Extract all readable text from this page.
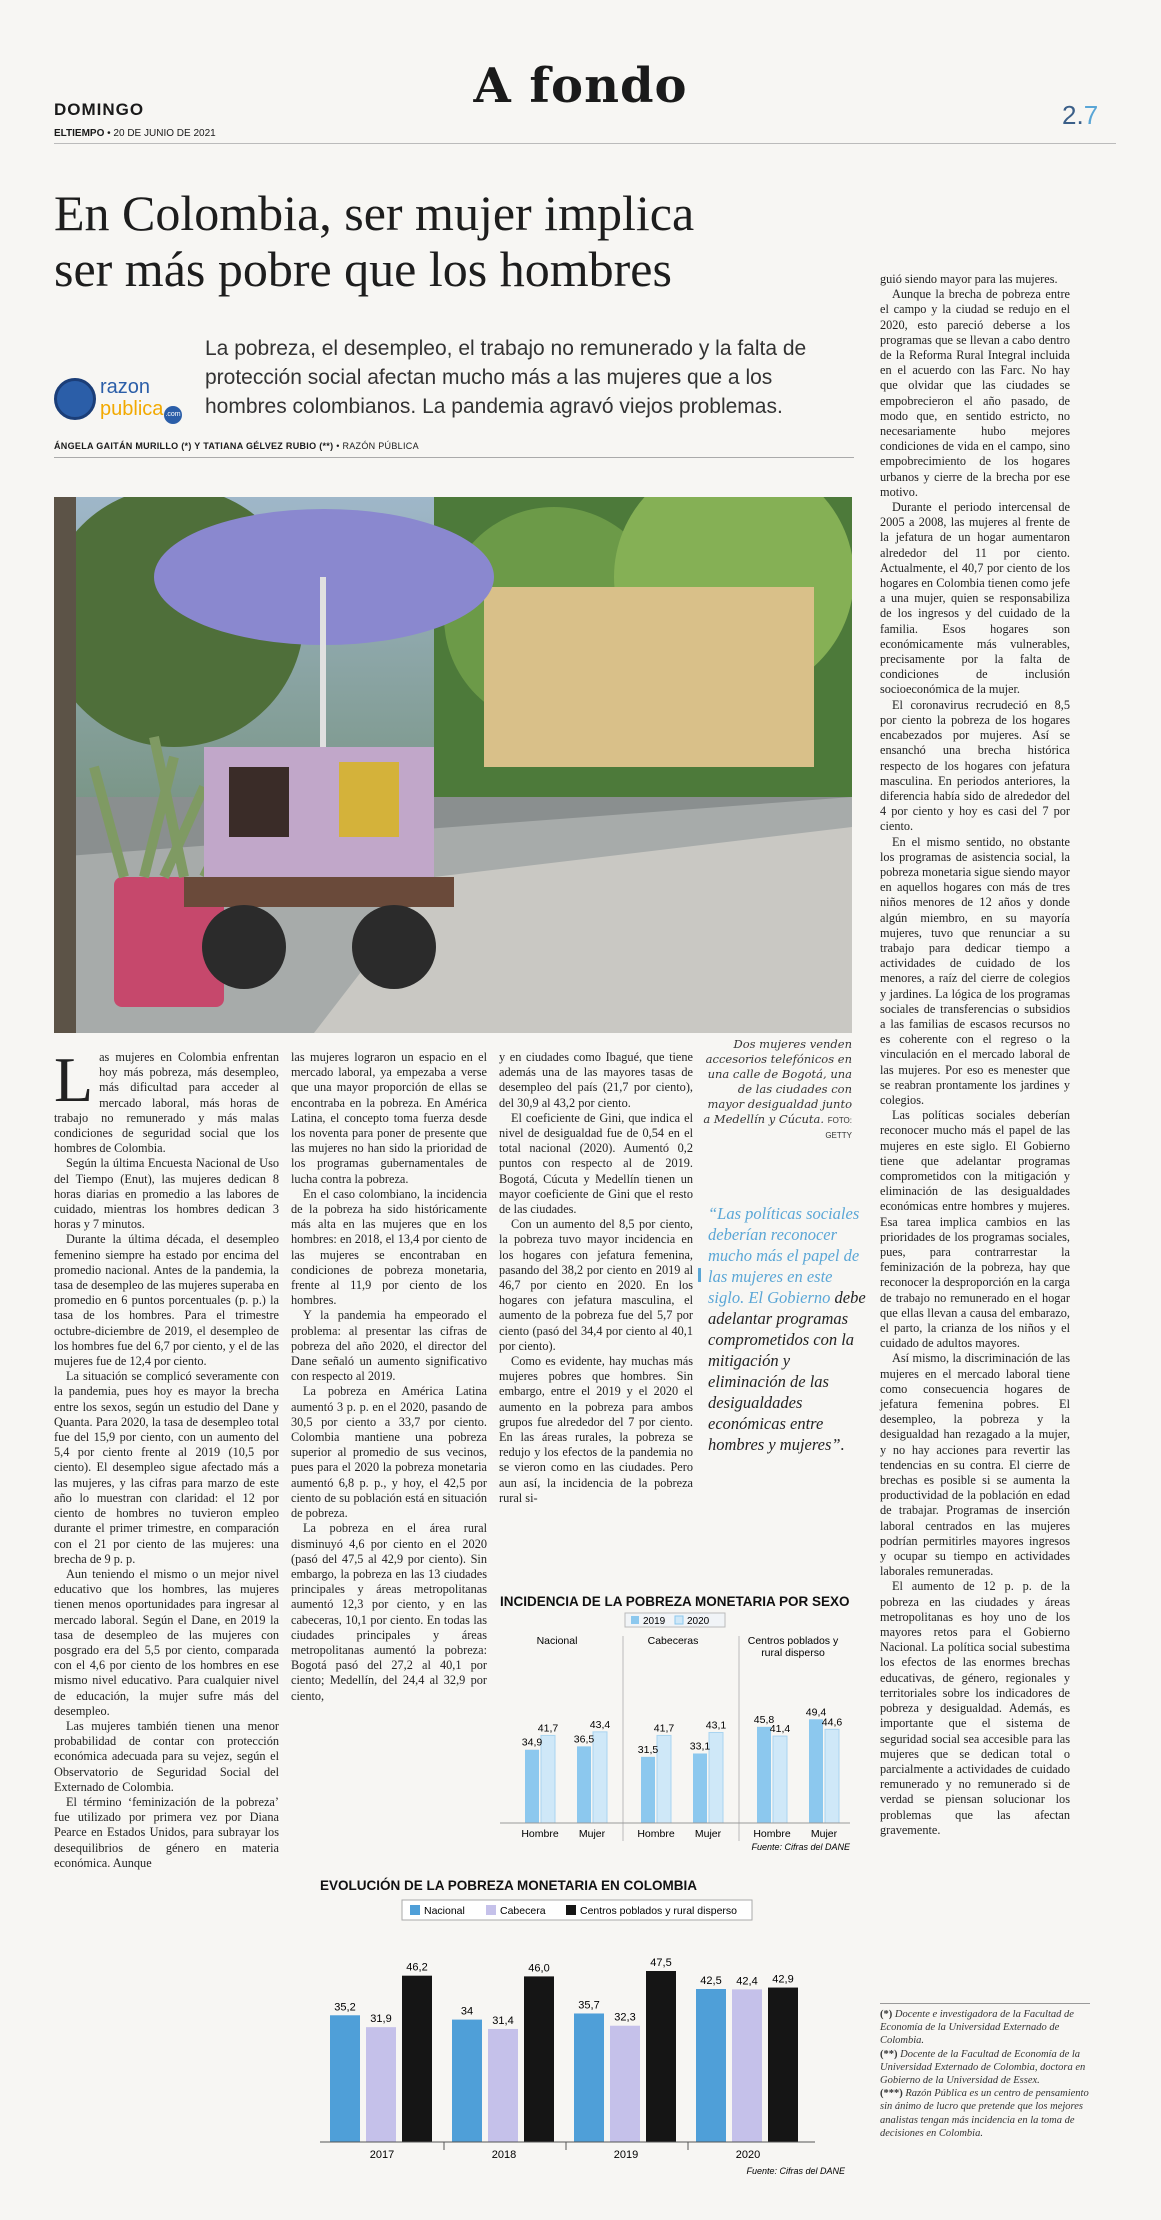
DOMINGO
ELTIEMPO • 20 DE JUNIO DE 2021
A fondo
2.7
En Colombia, ser mujer implica
ser más pobre que los hombres
razon
publica .com
La pobreza, el desempleo, el trabajo no remunerado y la falta de protección social afectan mucho más a las mujeres que a los hombres colombianos. La pandemia agravó viejos problemas.
ÁNGELA GAITÁN MURILLO (*) Y TATIANA GÉLVEZ RUBIO (**) • RAZÓN PÚBLICA
Dos mujeres venden accesorios telefónicos en una calle de Bogotá, una de las ciudades con mayor desigualdad junto a Medellín y Cúcuta. FOTO: GETTY

Las mujeres en Colombia enfrentan hoy más pobreza, más desempleo, más dificultad para acceder al mercado laboral, más horas de trabajo no remunerado y más malas condiciones de seguridad social que los hombres de Colombia.

Según la última Encuesta Nacional de Uso del Tiempo (Enut), las mujeres dedican 8 horas diarias en promedio a las labores de cuidado, mientras los hombres dedican 3 horas y 7 minutos.

Durante la última década, el desempleo femenino siempre ha estado por encima del promedio nacional. Antes de la pandemia, la tasa de desempleo de las mujeres superaba en promedio en 6 puntos porcentuales (p. p.) la tasa de los hombres. Para el trimestre octubre-diciembre de 2019, el desempleo de los hombres fue del 6,7 por ciento, y el de las mujeres fue de 12,4 por ciento.

La situación se complicó severamente con la pandemia, pues hoy es mayor la brecha entre los sexos, según un estudio del Dane y Quanta. Para 2020, la tasa de desempleo total fue del 15,9 por ciento, con un aumento del 5,4 por ciento frente al 2019 (10,5 por ciento). El desempleo sigue afectado más a las mujeres, y las cifras para marzo de este año lo muestran con claridad: el 12 por ciento de hombres no tuvieron empleo durante el primer trimestre, en comparación con el 21 por ciento de las mujeres: una brecha de 9 p. p.

Aun teniendo el mismo o un mejor nivel educativo que los hombres, las mujeres tienen menos oportunidades para ingresar al mercado laboral. Según el Dane, en 2019 la tasa de desempleo de las mujeres con posgrado era del 5,5 por ciento, comparada con el 4,6 por ciento de los hombres en ese mismo nivel educativo. Para cualquier nivel de educación, la mujer sufre más del desempleo.

Las mujeres también tienen una menor probabilidad de contar con protección económica adecuada para su vejez, según el Observatorio de Seguridad Social del Externado de Colombia.

El término ‘feminización de la pobreza’ fue utilizado por primera vez por Diana Pearce en Estados Unidos, para subrayar los desequilibrios de género en materia económica. Aunque

las mujeres lograron un espacio en el mercado laboral, ya empezaba a verse que una mayor proporción de ellas se encontraba en la pobreza. En América Latina, el concepto toma fuerza desde los noventa para poner de presente que las mujeres no han sido la prioridad de los programas gubernamentales de lucha contra la pobreza.

En el caso colombiano, la incidencia de la pobreza ha sido históricamente más alta en las mujeres que en los hombres: en 2018, el 13,4 por ciento de las mujeres se encontraban en condiciones de pobreza monetaria, frente al 11,9 por ciento de los hombres.

Y la pandemia ha empeorado el problema: al presentar las cifras de pobreza del año 2020, el director del Dane señaló un aumento significativo con respecto al 2019.

La pobreza en América Latina aumentó 3 p. p. en el 2020, pasando de 30,5 por ciento a 33,7 por ciento. Colombia mantiene una pobreza superior al promedio de sus vecinos, pues para el 2020 la pobreza monetaria aumentó 6,8 p. p., y hoy, el 42,5 por ciento de su población está en situación de pobreza.

La pobreza en el área rural disminuyó 4,6 por ciento en el 2020 (pasó del 47,5 al 42,9 por ciento). Sin embargo, la pobreza en las 13 ciudades principales y áreas metropolitanas aumentó 12,3 por ciento, y en las cabeceras, 10,1 por ciento. En todas las ciudades principales y áreas metropolitanas aumentó la pobreza: Bogotá pasó del 27,2 al 40,1 por ciento; Medellín, del 24,4 al 32,9 por ciento,

y en ciudades como Ibagué, que tiene además una de las mayores tasas de desempleo del país (21,7 por ciento), del 30,9 al 43,2 por ciento.

El coeficiente de Gini, que indica el nivel de desigualdad fue de 0,54 en el total nacional (2020). Aumentó 0,2 puntos con respecto al de 2019. Bogotá, Cúcuta y Medellín tienen un mayor coeficiente de Gini que el resto de las ciudades.

Con un aumento del 8,5 por ciento, la pobreza tuvo mayor incidencia en los hogares con jefatura femenina, pasando del 38,2 por ciento en 2019 al 46,7 por ciento en 2020. En los hogares con jefatura masculina, el aumento de la pobreza fue del 5,7 por ciento (pasó del 34,4 por ciento al 40,1 por ciento).

Como es evidente, hay muchas más mujeres pobres que hombres. Sin embargo, entre el 2019 y el 2020 el aumento en la pobreza para ambos grupos fue alrededor del 7 por ciento. En las áreas rurales, la pobreza se redujo y los efectos de la pandemia no se vieron como en las ciudades. Pero aun así, la incidencia de la pobreza rural si-

guió siendo mayor para las mujeres.

Aunque la brecha de pobreza entre el campo y la ciudad se redujo en el 2020, esto pareció deberse a los programas que se llevan a cabo dentro de la Reforma Rural Integral incluida en el acuerdo con las Farc. No hay que olvidar que las ciudades se empobrecieron el año pasado, de modo que, en sentido estricto, no necesariamente hubo mejores condiciones de vida en el campo, sino empobrecimiento de los hogares urbanos y cierre de la brecha por ese motivo.

Durante el periodo intercensal de 2005 a 2008, las mujeres al frente de la jefatura de un hogar aumentaron alrededor del 11 por ciento. Actualmente, el 40,7 por ciento de los hogares en Colombia tienen como jefe a una mujer, quien se responsabiliza de los ingresos y del cuidado de la familia. Esos hogares son económicamente más vulnerables, precisamente por la falta de condiciones de inclusión socioeconómica de la mujer.

El coronavirus recrudeció en 8,5 por ciento la pobreza de los hogares encabezados por mujeres. Así se ensanchó una brecha histórica respecto de los hogares con jefatura masculina. En periodos anteriores, la diferencia había sido de alrededor del 4 por ciento y hoy es casi del 7 por ciento.

En el mismo sentido, no obstante los programas de asistencia social, la pobreza monetaria sigue siendo mayor en aquellos hogares con más de tres niños menores de 12 años y donde algún miembro, en su mayoría mujeres, tuvo que renunciar a su trabajo para dedicar tiempo a actividades de cuidado de los menores, a raíz del cierre de colegios y jardines. La lógica de los programas sociales de transferencias o subsidios a las familias de escasos recursos no es coherente con el regreso o la vinculación en el mercado laboral de las mujeres. Por eso es menester que se reabran prontamente los jardines y colegios.

Las políticas sociales deberían reconocer mucho más el papel de las mujeres en este siglo. El Gobierno tiene que adelantar programas comprometidos con la mitigación y eliminación de las desigualdades económicas entre hombres y mujeres. Esa tarea implica cambios en las prioridades de los programas sociales, pues, para contrarrestar la feminización de la pobreza, hay que reconocer la desproporción en la carga de trabajo no remunerado en el hogar que ellas llevan a causa del embarazo, el parto, la crianza de los niños y el cuidado de adultos mayores.

Así mismo, la discriminación de las mujeres en el mercado laboral tiene como consecuencia hogares de jefatura femenina pobres. El desempleo, la pobreza y la desigualdad han rezagado a la mujer, y no hay acciones para revertir las tendencias en su contra. El cierre de brechas es posible si se aumenta la productividad de la población en edad de trabajar. Programas de inserción laboral centrados en las mujeres podrían permitirles mayores ingresos y ocupar su tiempo en actividades laborales remuneradas.

El aumento de 12 p. p. de la pobreza en las ciudades y áreas metropolitanas es hoy uno de los mayores retos para el Gobierno Nacional. La política social subestima los efectos de las enormes brechas educativas, de género, regionales y territoriales sobre los indicadores de pobreza y desigualdad. Además, es importante que el sistema de seguridad social sea accesible para las mujeres que se dedican total o parcialmente a actividades de cuidado remunerado y no remunerado si de verdad se piensan solucionar los problemas que las afectan gravemente.

“Las políticas sociales deberían reconocer mucho más el papel de las mujeres en este siglo. El Gobierno debe adelantar programas comprometidos con la mitigación y eliminación de las desigualdades económicas entre hombres y mujeres”.
INCIDENCIA DE LA POBREZA MONETARIA POR SEXO
2019 2020
34,9
41,7
Hombre
36,5
43,4
Mujer
31,5
41,7
Hombre
33,1
43,1
Mujer
45,8
41,4
Hombre
49,4
44,6
Mujer
Nacional	Cabeceras	Centros poblados y
rural disperso
Fuente: Cifras del DANE
EVOLUCIÓN DE LA POBREZA MONETARIA EN COLOMBIA
Nacional	Cabecera	Centros poblados y rural disperso
35,2
31,9
46,2
2017
34
31,4
46,0
2018
35,7
32,3
47,5
2019
42,5 42,4 42,9
2020
Fuente: Cifras del DANE
(*) Docente e investigadora de la Facultad de Economía de la Universidad Externado de Colombia.
(**) Docente de la Facultad de Economía de la Universidad Externado de Colombia, doctora en Gobierno de la Universidad de Essex.
(***) Razón Pública es un centro de pensamiento sin ánimo de lucro que pretende que los mejores analistas tengan más incidencia en la toma de decisiones en Colombia.
